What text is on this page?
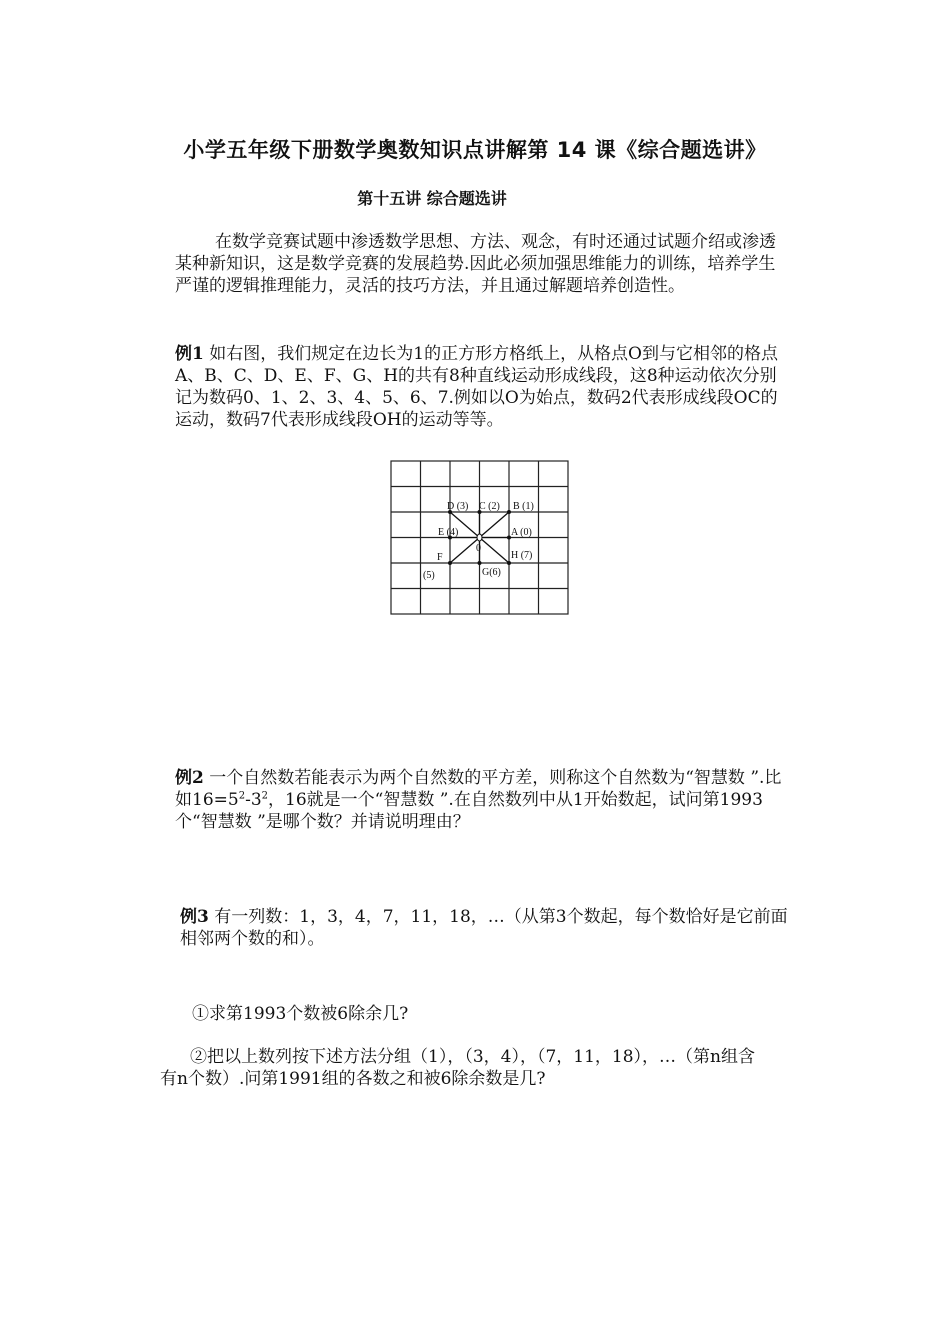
小学五年级下册数学奥数知识点讲解第 14 课《综合题选讲》
第十五讲 综合题选讲

在数学竞赛试题中渗透数学思想、方法、观念，有时还通过试题介绍或渗透某种新知识，这是数学竞赛的发展趋势.因此必须加强思维能力的训练，培养学生严谨的逻辑推理能力，灵活的技巧方法，并且通过解题培养创造性。

例1 如右图，我们规定在边长为1的正方形方格纸上，从格点O到与它相邻的格点A、B、C、D、E、F、G、H的共有8种直线运动形成线段，这8种运动依次分别记为数码0、1、2、3、4、5、6、7.例如以O为始点，数码2代表形成线段OC的运动，数码7代表形成线段OH的运动等等。

D (3) C (2) B (1)
E (4)	A (0)
0
F
(5)	G(6)
H (7)

例2 一个自然数若能表示为两个自然数的平方差，则称这个自然数为“智慧数 ”.比如$16=5^2-3^2$，16就是一个“智慧数 ”.在自然数列中从1开始数起，试问第1993个“智慧数 ”是哪个数？并请说明理由？

例3 有一列数：1，3，4，7，11，18，…（从第3个数起，每个数恰好是它前面相邻两个数的和）。

①求第1993个数被6除余几?

②把以上数列按下述方法分组（1），（3，4），（7，11，18），…（第n组含有n个数）.问第1991组的各数之和被6除余数是几?
